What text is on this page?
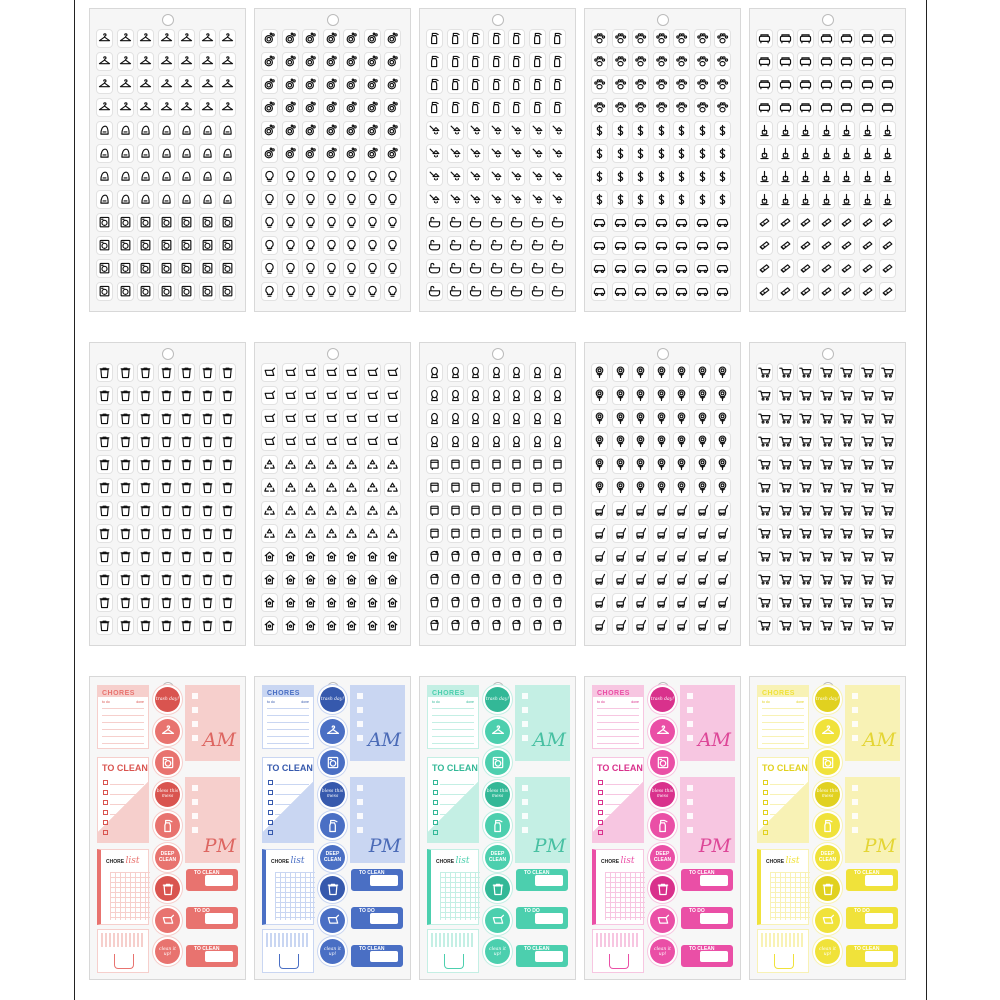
CHORES
to do	done
TO CLEAN
CHORE list
trash day!
bless this mess
DEEP
CLEAN
clean it up!
AM
PM
TO CLEAN
TO DO
TO CLEAN
CHORES
to do	done
TO CLEAN
CHORE list
trash day!
bless this mess
DEEP
CLEAN
clean it up!
AM
PM
TO CLEAN
TO DO
TO CLEAN
CHORES
to do	done
TO CLEAN
CHORE list
trash day!
bless this mess
DEEP
CLEAN
clean it up!
AM
PM
TO CLEAN
TO DO
TO CLEAN
CHORES
to do	done
TO CLEAN
CHORE list
trash day!
bless this mess
DEEP
CLEAN
clean it up!
AM
PM
TO CLEAN
TO DO
TO CLEAN
CHORES
to do	done
TO CLEAN
CHORE list
trash day!
bless this mess
DEEP
CLEAN
clean it up!
AM
PM
TO CLEAN
TO DO
TO CLEAN
